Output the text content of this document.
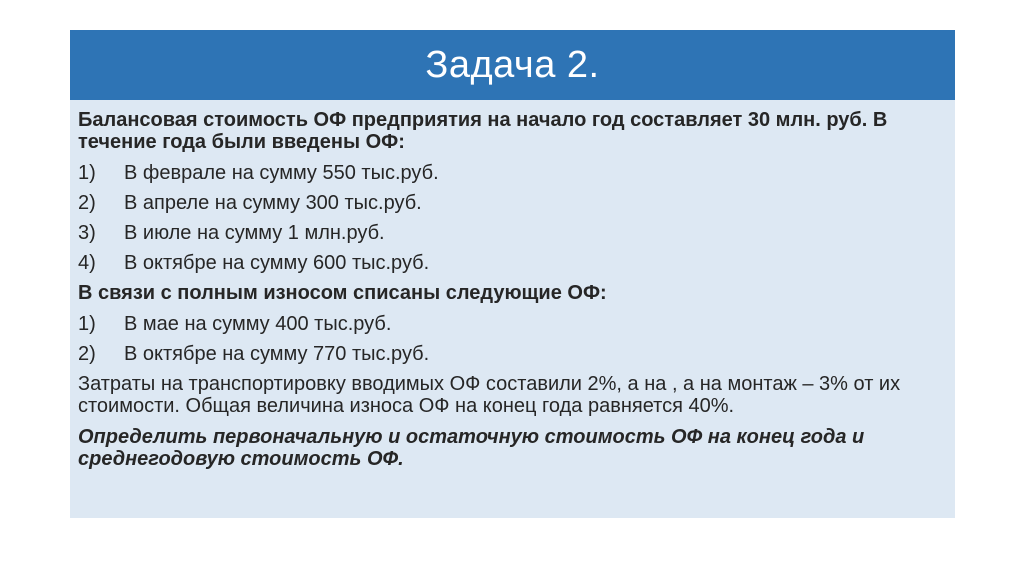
Задача 2.

Балансовая стоимость ОФ предприятия на начало год составляет 30 млн. руб. В течение года были введены ОФ:

1)	В феврале на сумму 550 тыс.руб.
2)	В апреле на сумму 300 тыс.руб.
3)	В июле на сумму 1 млн.руб.
4)	В октябре на сумму 600 тыс.руб.

В связи с полным износом списаны следующие ОФ:

1)	В мае на сумму 400 тыс.руб.
2)	В октябре на сумму 770 тыс.руб.

Затраты на транспортировку вводимых ОФ составили 2%, а на , а на монтаж – 3% от их стоимости. Общая величина износа ОФ на конец года равняется 40%.

Определить первоначальную и остаточную стоимость ОФ на конец года и среднегодовую стоимость ОФ.
